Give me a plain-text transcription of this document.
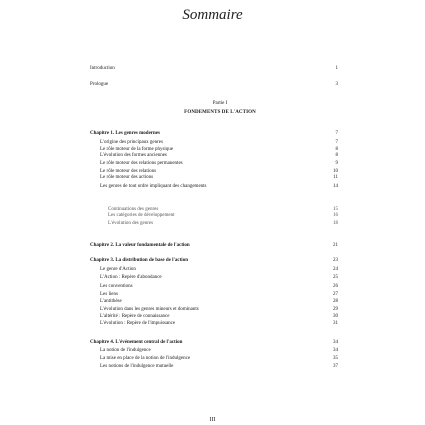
Sommaire
Introduction	1
Prologue	3
Partie I
FONDEMENTS DE L'ACTION
Chapitre 1. Les genres modernes	7
L'origine des principaux genres	7
Le rôle moteur de la forme physique	8
L'évolution des formes anciennes	8
Le rôle moteur des relations permanentes	9
Le rôle moteur des relations	10
Le rôle moteur des actions	11
Les genres de tout ordre impliquant des changements	14
Continuations des genres	15
Les catégories de développement	16
L'évolution des genres	18
Chapitre 2. La valeur fondamentale de l'action	21
Chapitre 3. La distribution de base de l'action	23
Le genre d'Action	24
L'Action : Repère d'abondance	25
Les conventions	26
Les liens	27
L'antithèse	28
L'évolution dans les genres mineurs et dominants	29
L'altérité : Repère de connaissance	30
L'évolution : Repère de l'impuissance	31
Chapitre 4. L'événement central de l'action	34
La notion de l'indulgence	34
La mise en place de la notion de l'indulgence	35
Les notions de l'indulgence mutuelle	37
III
